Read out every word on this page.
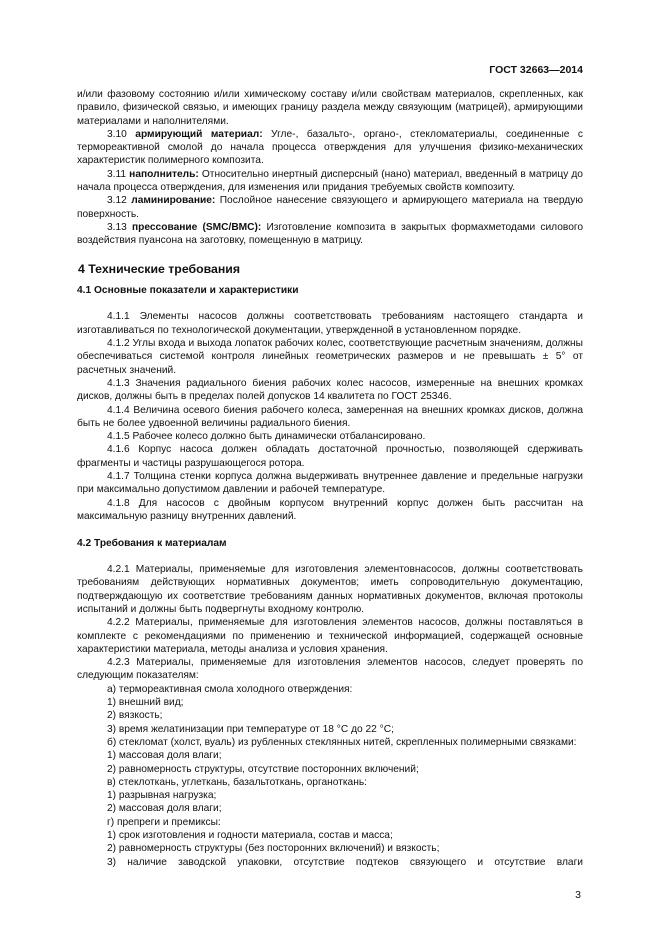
ГОСТ 32663—2014

и/или фазовому состоянию и/или химическому составу и/или свойствам материалов, скрепленных, как правило, физической связью, и имеющих границу раздела между связующим (матрицей), армирующими материалами и наполнителями.

3.10 армирующий материал: Угле-, базальто-, органо-, стекломатериалы, соединенные с термореактивной смолой до начала процесса отверждения для улучшения физико-механических характеристик полимерного композита.

3.11 наполнитель: Относительно инертный дисперсный (нано) материал, введенный в матрицу до начала процесса отверждения, для изменения или придания требуемых свойств композиту.

3.12 ламинирование: Послойное нанесение связующего и армирующего материала на твердую поверхность.

3.13 прессование (SMC/BMC): Изготовление композита в закрытых формахметодами силового воздействия пуансона на заготовку, помещенную в матрицу.

4 Технические требования
4.1 Основные показатели и характеристики

4.1.1 Элементы насосов должны соответствовать требованиям настоящего стандарта и изготавливаться по технологической документации, утвержденной в установленном порядке.

4.1.2 Углы входа и выхода лопаток рабочих колес, соответствующие расчетным значениям, должны обеспечиваться системой контроля линейных геометрических размеров и не превышать ± 5° от расчетных значений.

4.1.3 Значения радиального биения рабочих колес насосов, измеренные на внешних кромках дисков, должны быть в пределах полей допусков 14 квалитета по ГОСТ 25346.

4.1.4 Величина осевого биения рабочего колеса, замеренная на внешних кромках дисков, должна быть не более удвоенной величины радиального биения.

4.1.5 Рабочее колесо должно быть динамически отбалансировано.

4.1.6 Корпус насоса должен обладать достаточной прочностью, позволяющей сдерживать фрагменты и частицы разрушающегося ротора.

4.1.7 Толщина стенки корпуса должна выдерживать внутреннее давление и предельные нагрузки при максимально допустимом давлении и рабочей температуре.

4.1.8 Для насосов с двойным корпусом внутренний корпус должен быть рассчитан на максимальную разницу внутренних давлений.

4.2 Требования к материалам

4.2.1 Материалы, применяемые для изготовления элементовнасосов, должны соответствовать требованиям действующих нормативных документов; иметь сопроводительную документацию, подтверждающую их соответствие требованиям данных нормативных документов, включая протоколы испытаний и должны быть подвергнуты входному контролю.

4.2.2 Материалы, применяемые для изготовления элементов насосов, должны поставляться в комплекте с рекомендациями по применению и технической информацией, содержащей основные характеристики материала, методы анализа и условия хранения.

4.2.3 Материалы, применяемые для изготовления элементов насосов, следует проверять по следующим показателям:

а) термореактивная смола холодного отверждения:

1) внешний вид;

2) вязкость;

3) время желатинизации при температуре от 18 °С до 22 °С;

б) стекломат (холст, вуаль) из рубленных стеклянных нитей, скрепленных полимерными связками:

1) массовая доля влаги;

2) равномерность структуры, отсутствие посторонних включений;

в) стеклоткань, углеткань, базальтоткань, органоткань:

1) разрывная нагрузка;

2) массовая доля влаги;

г) препреги и премиксы:

1) срок изготовления и годности материала, состав и масса;

2) равномерность структуры (без посторонних включений) и вязкость;

3) наличие заводской упаковки, отсутствие подтеков связующего и отсутствие влаги

3
